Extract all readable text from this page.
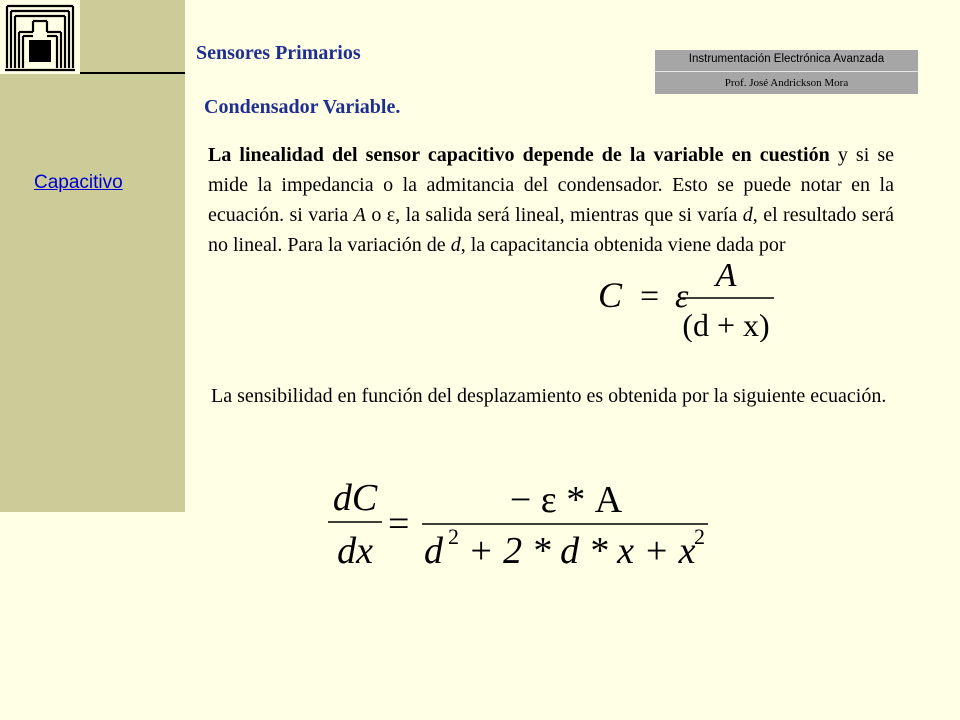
Capacitivo
Sensores Primarios	Instrumentación Electrónica Avanzada
Prof. José Andrickson Mora
Condensador Variable.

La linealidad del sensor capacitivo depende de la variable en cuestión y si se mide la impedancia o la admitancia del condensador. Esto se puede notar en la ecuación. si varia A o ε, la salida será lineal, mientras que si varía d, el resultado será no lineal. Para la variación de d, la capacitancia obtenida viene dada por

C = ε
A
(d + x)

La sensibilidad en función del desplazamiento es obtenida por la siguiente ecuación.

dC
dx
=
− ε * A
d 2 + 2 * d * x + x
2
